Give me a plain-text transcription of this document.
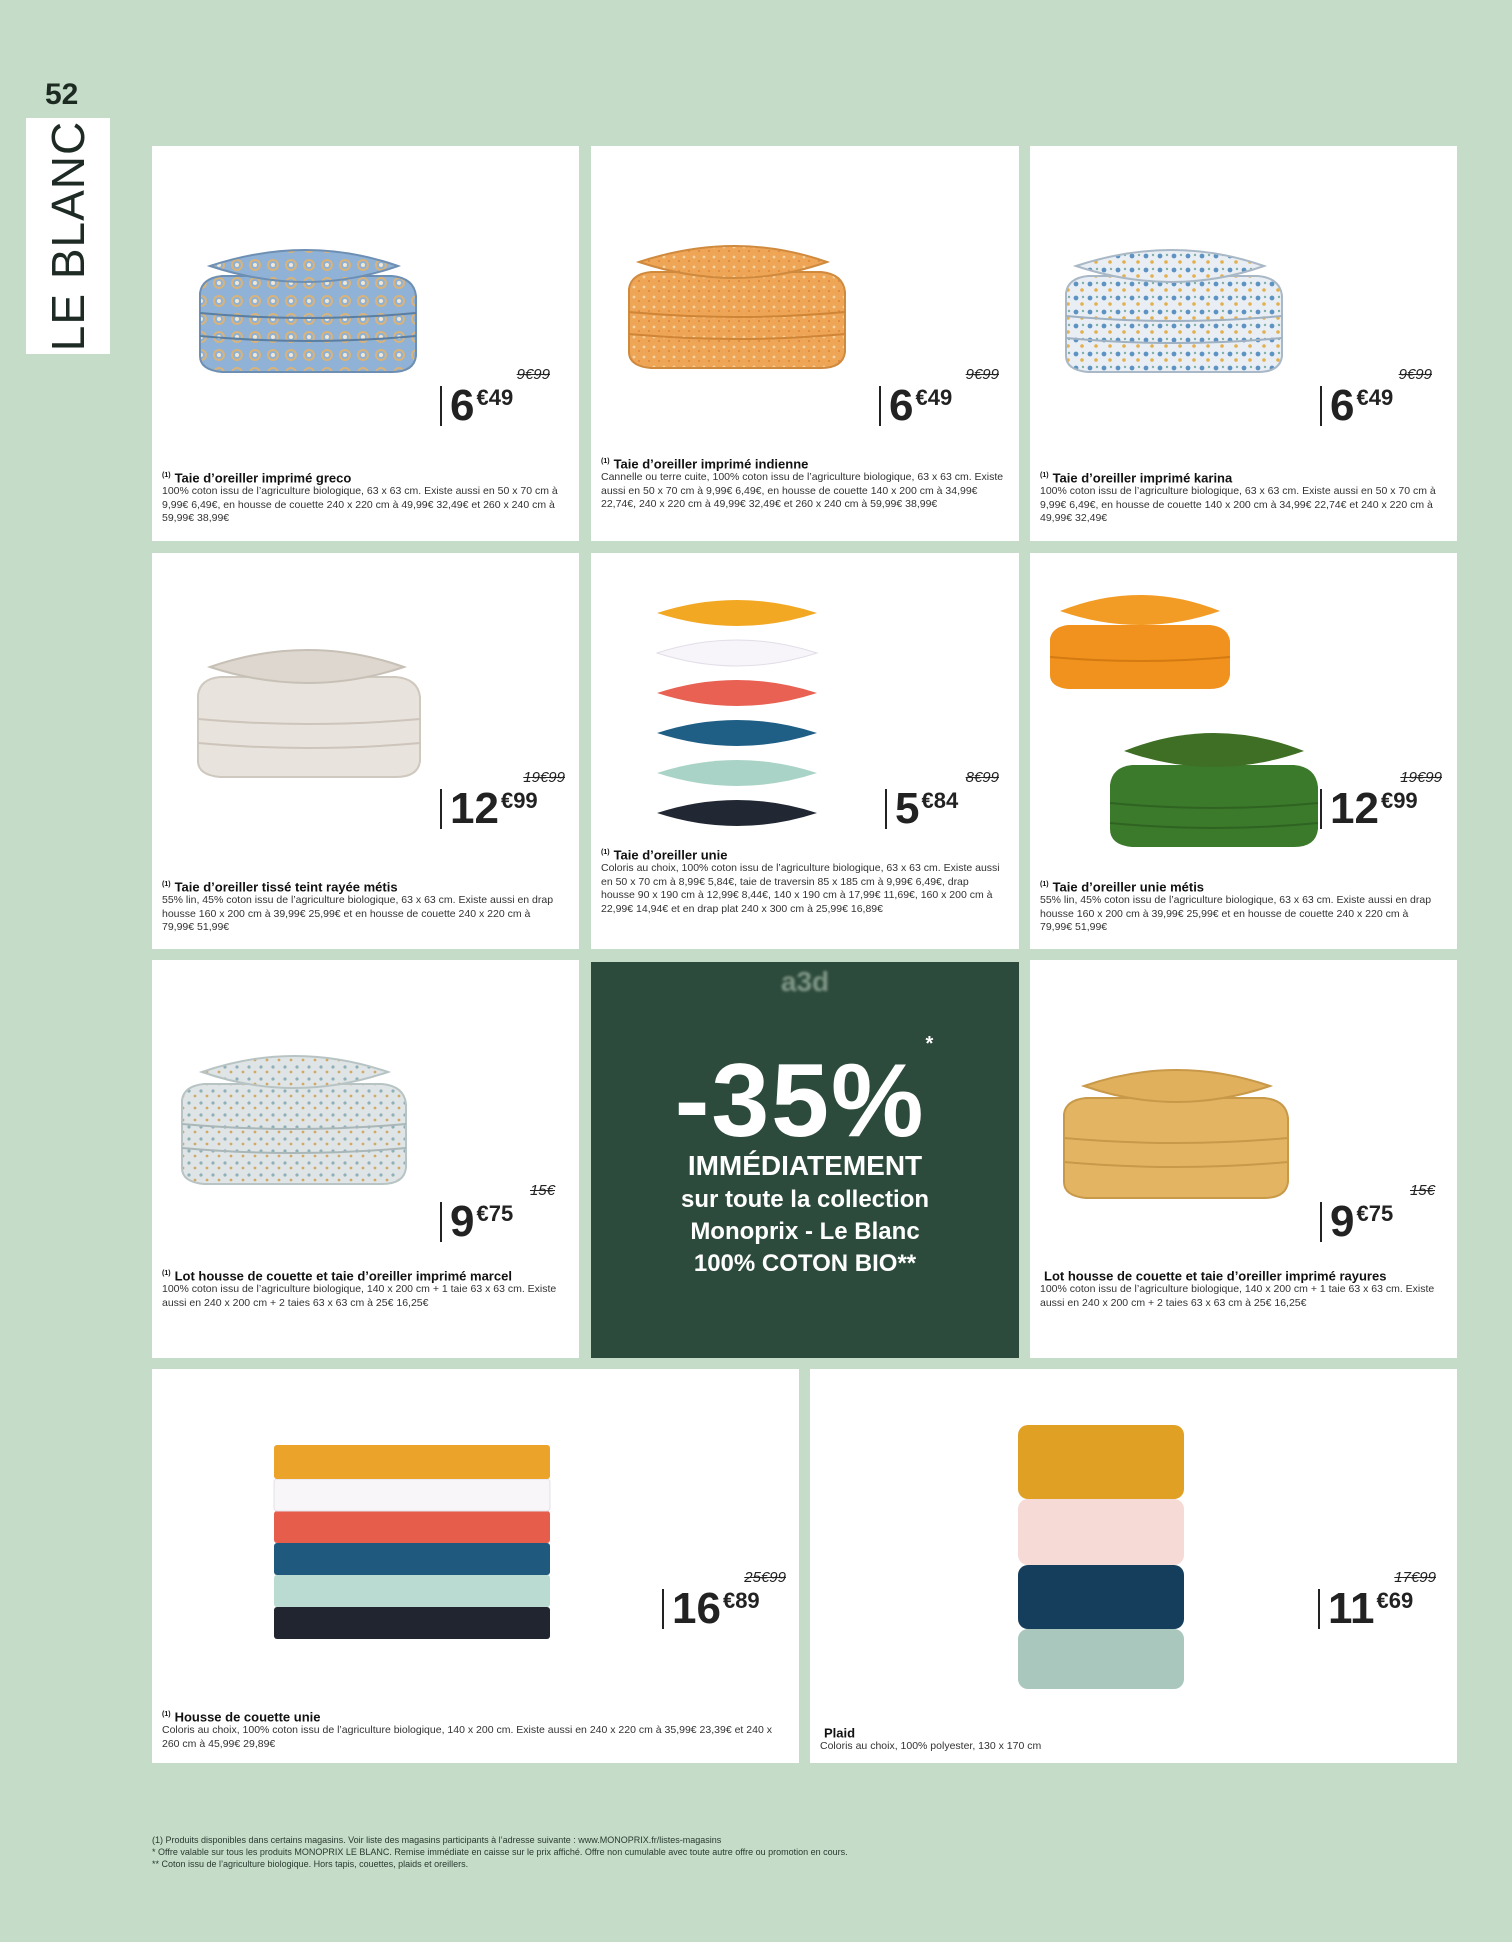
52
LE BLANC
9€99
6 €49
$^{(1)}$ Taie d’oreiller imprimé greco
100% coton issu de l’agriculture biologique, 63 x 63 cm. Existe aussi en 50 x 70 cm à 9,99€ 6,49€, en housse de couette 240 x 220 cm à 49,99€ 32,49€ et 260 x 240 cm à 59,99€ 38,99€
9€99
6 €49
$^{(1)}$ Taie d’oreiller imprimé indienne
Cannelle ou terre cuite, 100% coton issu de l’agriculture biologique, 63 x 63 cm. Existe aussi en 50 x 70 cm à 9,99€ 6,49€, en housse de couette 140 x 200 cm à 34,99€ 22,74€, 240 x 220 cm à 49,99€ 32,49€ et 260 x 240 cm à 59,99€ 38,99€
9€99
6 €49
$^{(1)}$ Taie d’oreiller imprimé karina
100% coton issu de l’agriculture biologique, 63 x 63 cm. Existe aussi en 50 x 70 cm à 9,99€ 6,49€, en housse de couette 140 x 200 cm à 34,99€ 22,74€ et 240 x 220 cm à 49,99€ 32,49€
19€99
12 €99
$^{(1)}$ Taie d’oreiller tissé teint rayée métis
55% lin, 45% coton issu de l’agriculture biologique, 63 x 63 cm. Existe aussi en drap housse 160 x 200 cm à 39,99€ 25,99€ et en housse de couette 240 x 220 cm à 79,99€ 51,99€
8€99
5 €84
$^{(1)}$ Taie d’oreiller unie
Coloris au choix, 100% coton issu de l’agriculture biologique, 63 x 63 cm. Existe aussi en 50 x 70 cm à 8,99€ 5,84€, taie de traversin 85 x 185 cm à 9,99€ 6,49€, drap housse 90 x 190 cm à 12,99€ 8,44€, 140 x 190 cm à 17,99€ 11,69€, 160 x 200 cm à 22,99€ 14,94€ et en drap plat 240 x 300 cm à 25,99€ 16,89€
19€99
12 €99
$^{(1)}$ Taie d’oreiller unie métis
55% lin, 45% coton issu de l’agriculture biologique, 63 x 63 cm. Existe aussi en drap housse 160 x 200 cm à 39,99€ 25,99€ et en housse de couette 240 x 220 cm à 79,99€ 51,99€
15€
9 €75
$^{(1)}$ Lot housse de couette et taie d’oreiller imprimé marcel
100% coton issu de l’agriculture biologique, 140 x 200 cm + 1 taie 63 x 63 cm. Existe aussi en 240 x 200 cm + 2 taies 63 x 63 cm à 25€ 16,25€
a3d
-35%*
IMMÉDIATEMENT
sur toute la collection
Monoprix - Le Blanc
100% COTON BIO**
15€
9 €75
Lot housse de couette et taie d’oreiller imprimé rayures
100% coton issu de l’agriculture biologique, 140 x 200 cm + 1 taie 63 x 63 cm. Existe aussi en 240 x 200 cm + 2 taies 63 x 63 cm à 25€ 16,25€
25€99
16 €89
$^{(1)}$ Housse de couette unie
Coloris au choix, 100% coton issu de l’agriculture biologique, 140 x 200 cm. Existe aussi en 240 x 220 cm à 35,99€ 23,39€ et 240 x 260 cm à 45,99€ 29,89€
17€99
11 €69
Plaid
Coloris au choix, 100% polyester, 130 x 170 cm
(1) Produits disponibles dans certains magasins. Voir liste des magasins participants à l’adresse suivante : www.MONOPRIX.fr/listes-magasins
* Offre valable sur tous les produits MONOPRIX LE BLANC. Remise immédiate en caisse sur le prix affiché. Offre non cumulable avec toute autre offre ou promotion en cours.
** Coton issu de l’agriculture biologique. Hors tapis, couettes, plaids et oreillers.
